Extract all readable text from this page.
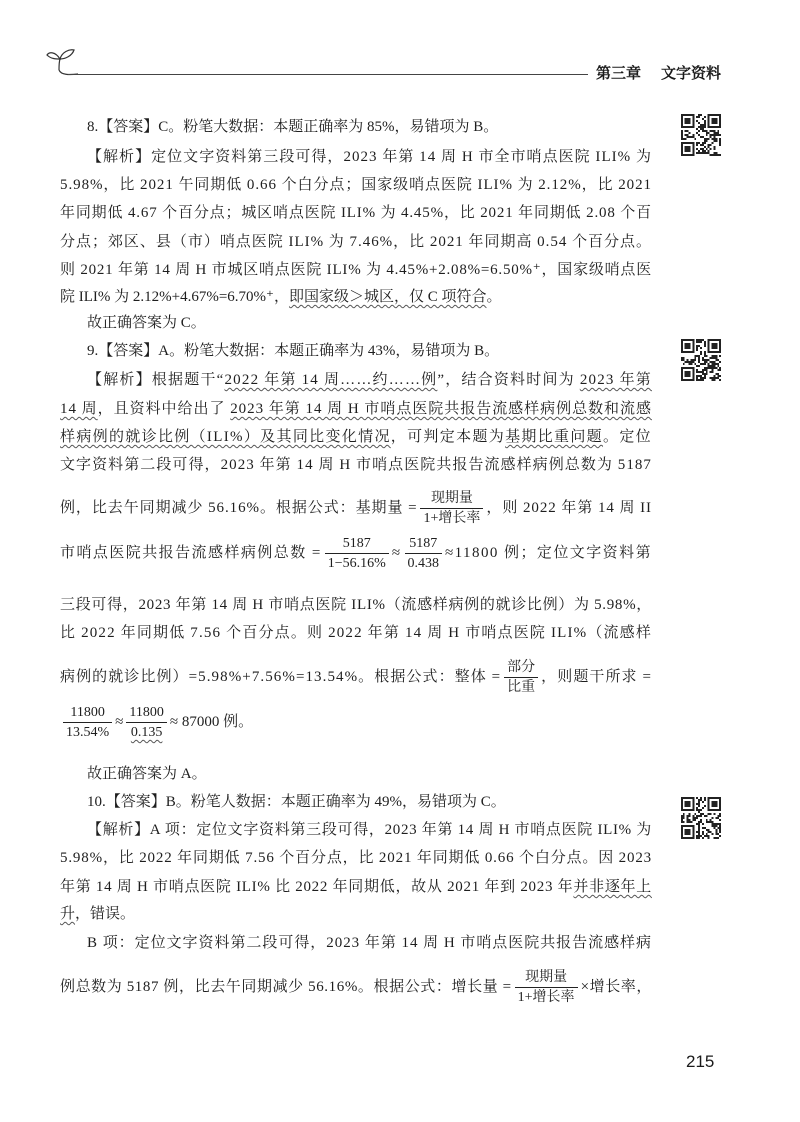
第三章 文字资料
215
8.【答案】C。粉笔大数据：本题正确率为 85%，易错项为 B。
【解析】定位文字资料第三段可得，2023 年第 14 周 H 市全市哨点医院 ILI% 为
5.98%，比 2021 午同期低 0.66 个白分点；国家级哨点医院 ILI% 为 2.12%，比 2021
年同期低 4.67 个百分点；城区哨点医院 ILI% 为 4.45%，比 2021 年同期低 2.08 个百
分点；郊区、县（市）哨点医院 ILI% 为 7.46%，比 2021 年同期高 0.54 个百分点。
则 2021 年第 14 周 H 市城区哨点医院 ILI% 为 4.45%+2.08%=6.50%⁺，国家级哨点医
院 ILI% 为 2.12%+4.67%=6.70%⁺，即国家级＞城区，仅 C 项符合。
故正确答案为 C。
9.【答案】A。粉笔大数据：本题正确率为 43%，易错项为 B。
【解析】根据题干“2022 年第 14 周……约……例”，结合资料时间为 2023 年第
14 周，且资料中给出了 2023 年第 14 周 H 市哨点医院共报告流感样病例总数和流感
样病例的就诊比例（ILI%）及其同比变化情况，可判定本题为基期比重问题。定位
文字资料第二段可得，2023 年第 14 周 H 市哨点医院共报告流感样病例总数为 5187
例，比去午同期减少 56.16%。根据公式：基期量 = $\frac{\text{现期量}}{\text{1+增长率}}$ ，则 2022 年第 14 周 II
市哨点医院共报告流感样病例总数 = $\frac{5187}{1-56.16\%} \approx \frac{5187}{0.438} \approx 11800$ 例；定位文字资料第
三段可得，2023 年第 14 周 H 市哨点医院 ILI%（流感样病例的就诊比例）为 5.98%，
比 2022 年同期低 7.56 个百分点。则 2022 年第 14 周 H 市哨点医院 ILI%（流感样
病例的就诊比例）=5.98%+7.56%=13.54%。根据公式：整体 = $\frac{\text{部分}}{\text{比重}}$ ，则题干所求 =
$\frac{11800}{13.54\%} \approx \frac{11800}{0.135} \approx 87000$ 例。
故正确答案为 A。
10.【答案】B。粉笔人数据：本题正确率为 49%，易错项为 C。
【解析】A 项：定位文字资料第三段可得，2023 年第 14 周 H 市哨点医院 ILI% 为
5.98%，比 2022 年同期低 7.56 个百分点，比 2021 年同期低 0.66 个白分点。因 2023
年第 14 周 H 市哨点医院 ILI% 比 2022 年同期低，故从 2021 年到 2023 年并非逐年上
升，错误。
B 项：定位文字资料第二段可得，2023 年第 14 周 H 市哨点医院共报告流感样病
例总数为 5187 例，比去午同期减少 56.16%。根据公式：增长量 = $\frac{\text{现期量}}{\text{1+增长率}}$ ×增长率，
